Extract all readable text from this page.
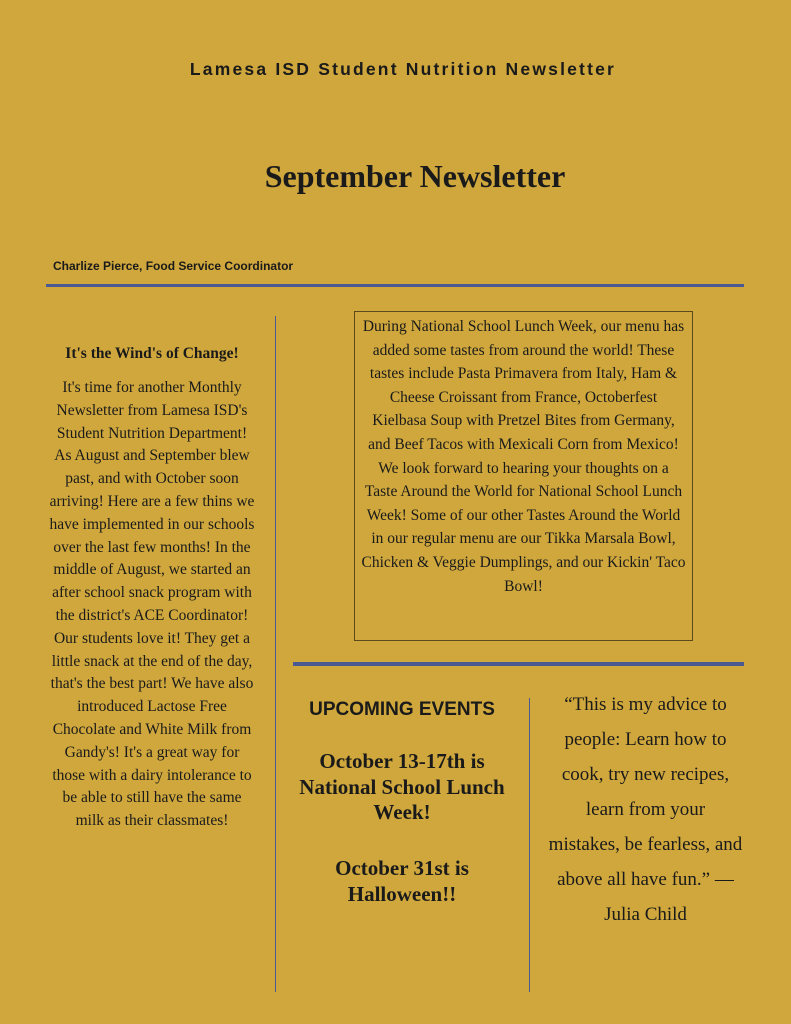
Lamesa ISD Student Nutrition Newsletter
September Newsletter
Charlize Pierce, Food Service Coordinator
It's the Wind's of Change!

It's time for another Monthly Newsletter from Lamesa ISD's Student Nutrition Department! As August and September blew past, and with October soon arriving! Here are a few thins we have implemented in our schools over the last few months! In the middle of August, we started an after school snack program with the district's ACE Coordinator! Our students love it! They get a little snack at the end of the day, that's the best part! We have also introduced Lactose Free Chocolate and White Milk from Gandy's! It's a great way for those with a dairy intolerance to be able to still have the same milk as their classmates!

During National School Lunch Week, our menu has added some tastes from around the world! These tastes include Pasta Primavera from Italy, Ham & Cheese Croissant from France, Octoberfest Kielbasa Soup with Pretzel Bites from Germany, and Beef Tacos with Mexicali Corn from Mexico! We look forward to hearing your thoughts on a Taste Around the World for National School Lunch Week! Some of our other Tastes Around the World in our regular menu are our Tikka Marsala Bowl, Chicken & Veggie Dumplings, and our Kickin' Taco Bowl!
UPCOMING EVENTS
October 13-17th is National School Lunch Week!
October 31st is Halloween!!
“This is my advice to people: Learn how to cook, try new recipes, learn from your mistakes, be fearless, and above all have fun.” — Julia Child
